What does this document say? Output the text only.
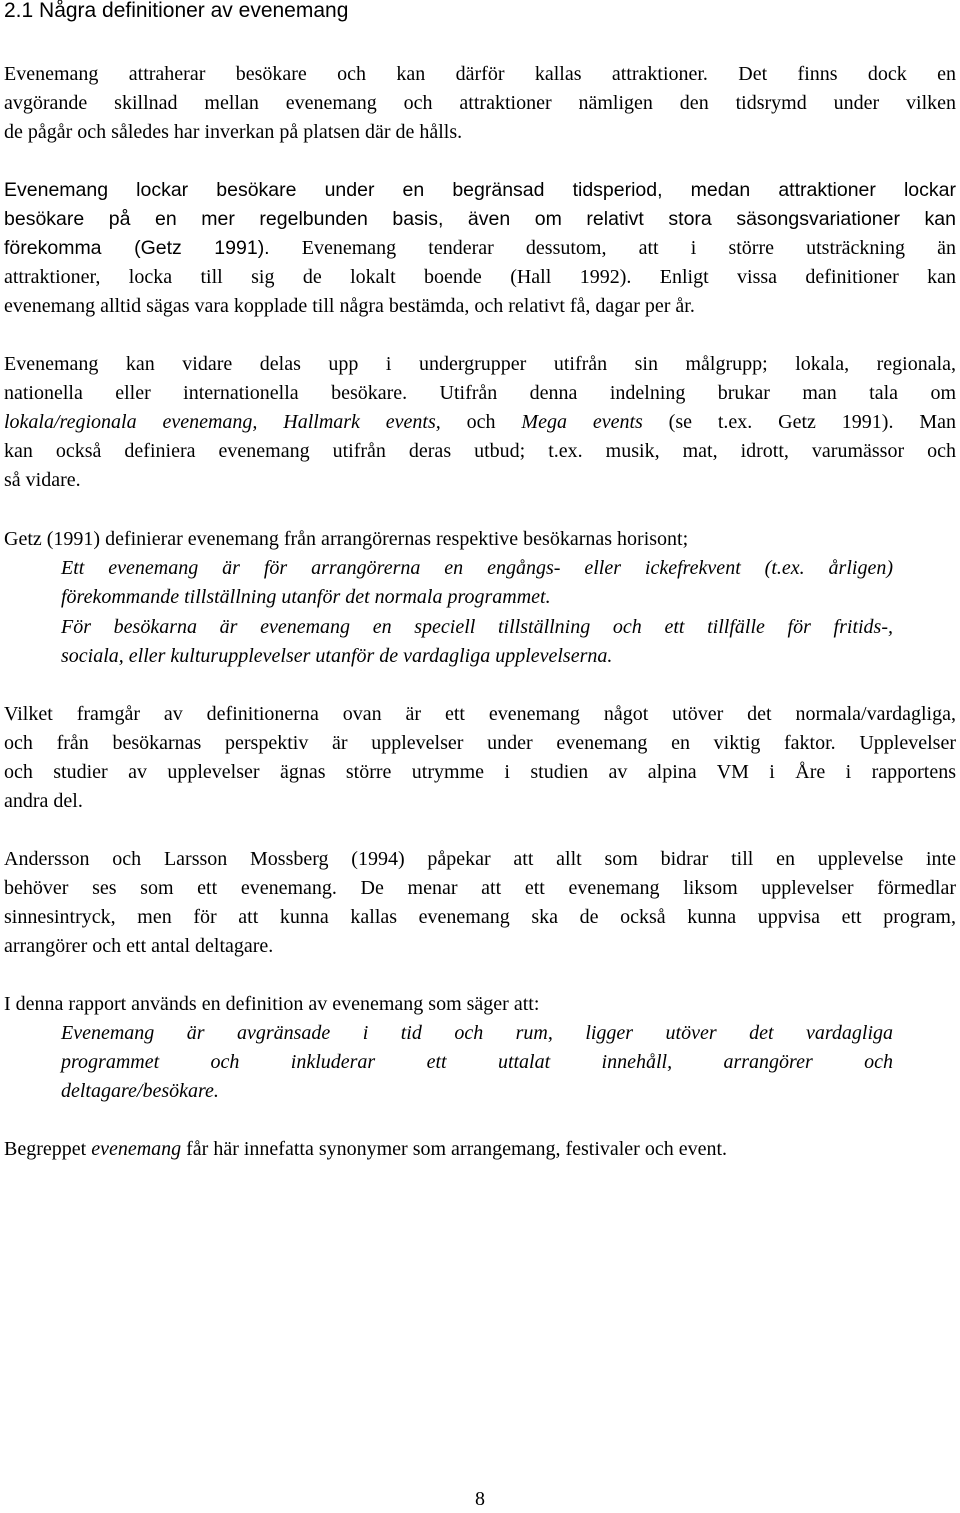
2.1 Några definitioner av evenemang
Evenemang attraherar besökare och kan därför kallas attraktioner. Det finns dock en
avgörande skillnad mellan evenemang och attraktioner nämligen den tidsrymd under vilken
de pågår och således har inverkan på platsen där de hålls.
Evenemang lockar besökare under en begränsad tidsperiod, medan attraktioner lockar
besökare på en mer regelbunden basis, även om relativt stora säsongsvariationer kan
förekomma (Getz 1991). Evenemang tenderar dessutom, att i större utsträckning än
attraktioner, locka till sig de lokalt boende (Hall 1992). Enligt vissa definitioner kan
evenemang alltid sägas vara kopplade till några bestämda, och relativt få, dagar per år.
Evenemang kan vidare delas upp i undergrupper utifrån sin målgrupp; lokala, regionala,
nationella eller internationella besökare. Utifrån denna indelning brukar man tala om
lokala/regionala evenemang, Hallmark events, och Mega events (se t.ex. Getz 1991). Man
kan också definiera evenemang utifrån deras utbud; t.ex. musik, mat, idrott, varumässor och
så vidare.
Getz (1991) definierar evenemang från arrangörernas respektive besökarnas horisont;
Ett evenemang är för arrangörerna en engångs- eller ickefrekvent (t.ex. årligen)
förekommande tillställning utanför det normala programmet.
För besökarna är evenemang en speciell tillställning och ett tillfälle för fritids-,
sociala, eller kulturupplevelser utanför de vardagliga upplevelserna.
Vilket framgår av definitionerna ovan är ett evenemang något utöver det normala/vardagliga,
och från besökarnas perspektiv är upplevelser under evenemang en viktig faktor. Upplevelser
och studier av upplevelser ägnas större utrymme i studien av alpina VM i Åre i rapportens
andra del.
Andersson och Larsson Mossberg (1994) påpekar att allt som bidrar till en upplevelse inte
behöver ses som ett evenemang. De menar att ett evenemang liksom upplevelser förmedlar
sinnesintryck, men för att kunna kallas evenemang ska de också kunna uppvisa ett program,
arrangörer och ett antal deltagare.
I denna rapport används en definition av evenemang som säger att:
Evenemang är avgränsade i tid och rum, ligger utöver det vardagliga
programmet och inkluderar ett uttalat innehåll, arrangörer och
deltagare/besökare.
Begreppet evenemang får här innefatta synonymer som arrangemang, festivaler och event.
8
